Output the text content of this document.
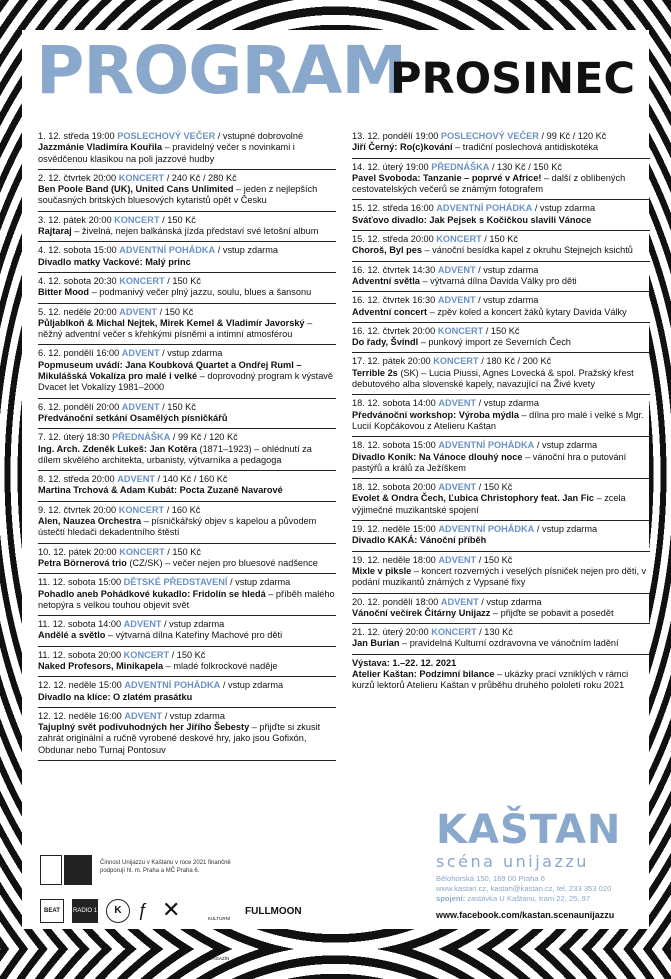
PROGRAM
PROSINEC
1. 12. středa 19:00 POSLECHOVÝ VEČER / vstupné dobrovolné
Jazzmánie Vladimíra Kouřila – pravidelný večer s novinkami i osvědčenou klasikou na poli jazzové hudby
2. 12. čtvrtek 20:00 KONCERT / 240 Kč / 280 Kč
Ben Poole Band (UK), United Cans Unlimited – jeden z nejlepších současných britských bluesových kytaristů opět v Česku
3. 12. pátek 20:00 KONCERT / 150 Kč
Rajtaraj – živelná, nejen balkánská jízda představí své letošní album
4. 12. sobota 15:00 ADVENTNÍ POHÁDKA / vstup zdarma
Divadlo matky Vackové: Malý princ
4. 12. sobota 20:30 KONCERT / 150 Kč
Bitter Mood – podmanivý večer plný jazzu, soulu, blues a šansonu
5. 12. neděle 20:00 ADVENT / 150 Kč
Půljablkoň & Michal Nejtek, Mirek Kemel & Vladimír Javorský – něžný adventní večer s křehkými písněmi a intimní atmosférou
6. 12. pondělí 16:00 ADVENT / vstup zdarma
Popmuseum uvádí: Jana Koubková Quartet a Ondřej Ruml – Mikulášská Vokalíza pro malé i velké – doprovodný program k výstavě Dvacet let Vokalízy 1981–2000
6. 12. pondělí 20:00 ADVENT / 150 Kč
Předvánoční setkání Osamělých písničkářů
7. 12. úterý 18:30 PŘEDNÁŠKA / 99 Kč / 120 Kč
Ing. Arch. Zdeněk Lukeš: Jan Kotěra (1871–1923) – ohlédnutí za dílem skvělého architekta, urbanisty, výtvarníka a pedagoga
8. 12. středa 20:00 ADVENT / 140 Kč / 160 Kč
Martina Trchová & Adam Kubát: Pocta Zuzaně Navarové
9. 12. čtvrtek 20:00 KONCERT / 160 Kč
Alen, Nauzea Orchestra – písničkářský objev s kapelou a původem ústečtí hledači dekadentního štěstí
10. 12. pátek 20:00 KONCERT / 150 Kč
Petra Börnerová trio (CZ/SK) – večer nejen pro bluesové nadšence
11. 12. sobota 15:00 DĚTSKÉ PŘEDSTAVENÍ / vstup zdarma
Pohadlo aneb Pohádkové kukadlo: Fridolín se hledá – příběh malého netopýra s velkou touhou objevit svět
11. 12. sobota 14:00 ADVENT / vstup zdarma
Andělé a světlo – výtvarná dílna Kateřiny Machové pro děti
11. 12. sobota 20:00 KONCERT / 150 Kč
Naked Profesors, Minikapela – mladé folkrockové naděje
12. 12. neděle 15:00 ADVENTNÍ POHÁDKA / vstup zdarma
Divadlo na klíce: O zlatém prasátku
12. 12. neděle 16:00 ADVENT / vstup zdarma
Tajuplný svět podivuhodných her Jiřího Šebesty – přijďte si zkusit zahrát originální a ručně vyrobené deskové hry, jako jsou Gofixón, Obdunar nebo Turnaj Pontosuv
13. 12. pondělí 19:00 POSLECHOVÝ VEČER / 99 Kč / 120 Kč
Jiří Černý: Ro(c)kování – tradiční poslechová antidiskotéka
14. 12. úterý 19:00 PŘEDNÁŠKA / 130 Kč / 150 Kč
Pavel Svoboda: Tanzanie – poprvé v Africe! – další z oblíbených cestovatelských večerů se známým fotografem
15. 12. středa 16:00 ADVENTNÍ POHÁDKA / vstup zdarma
Sváťovo divadlo: Jak Pejsek s Kočičkou slavili Vánoce
15. 12. středa 20:00 KONCERT / 150 Kč
Choroš, Byl pes – vánoční besídka kapel z okruhu Stejnejch ksichtů
16. 12. čtvrtek 14:30 ADVENT / vstup zdarma
Adventní světla – výtvarná dílna Davida Války pro děti
16. 12. čtvrtek 16:30 ADVENT / vstup zdarma
Adventní concert – zpěv koled a koncert žáků kytary Davida Války
16. 12. čtvrtek 20:00 KONCERT / 150 Kč
Do řady, Švindl – punkový import ze Severních Čech
17. 12. pátek 20:00 KONCERT / 180 Kč / 200 Kč
Terrible 2s (SK) – Lucia Piussi, Agnes Lovecká & spol. Pražský křest debutového alba slovenské kapely, navazující na Živé kvety
18. 12. sobota 14:00 ADVENT / vstup zdarma
Předvánoční workshop: Výroba mýdla – dílna pro malé i velké s Mgr. Lucií Kopčákovou z Atelieru Kaštan
18. 12. sobota 15:00 ADVENTNÍ POHÁDKA / vstup zdarma
Divadlo Koník: Na Vánoce dlouhý noce – vánoční hra o putování pastýřů a králů za Ježíškem
18. 12. sobota 20:00 ADVENT / 150 Kč
Evolet & Ondra Čech, Ľubica Christophory feat. Jan Fic – zcela výjimečné muzikantské spojení
19. 12. neděle 15:00 ADVENTNÍ POHÁDKA / vstup zdarma
Divadlo KAKÁ: Vánoční příběh
19. 12. neděle 18:00 ADVENT / 150 Kč
Mixle v piksle – koncert rozverných i veselých písniček nejen pro děti, v podání muzikantů známých z Vypsané fixy
20. 12. pondělí 18:00 ADVENT / vstup zdarma
Vánoční večírek Čitárny Unijazz – přijďte se pobavit a posedět
21. 12. úterý 20:00 KONCERT / 130 Kč
Jan Burian – pravidelná Kulturní ozdravovna ve vánočním ladění
Výstava: 1.–22. 12. 2021
Atelier Kaštan: Podzimní bilance – ukázky prací vzniklých v rámci kurzů lektorů Atelieru Kaštan v průběhu druhého pololetí roku 2021
Činnost Unijazzu v Kaštanu v roce 2021 finančně podporují hl. m. Praha a MČ Praha 6.
BEAT	RADIO 1	K ƒ ✕	KULTURNÍ MAGAZÍN
FULLMOON
KAŠTAN
scéna unijazzu
Bělohorská 150, 169 00 Praha 6
www.kastan.cz, kastan@kastan.cz, tel. 233 353 020
spojení: zastávka U Kaštanu, tram 22, 25, 97
www.facebook.com/kastan.scenaunijazzu
